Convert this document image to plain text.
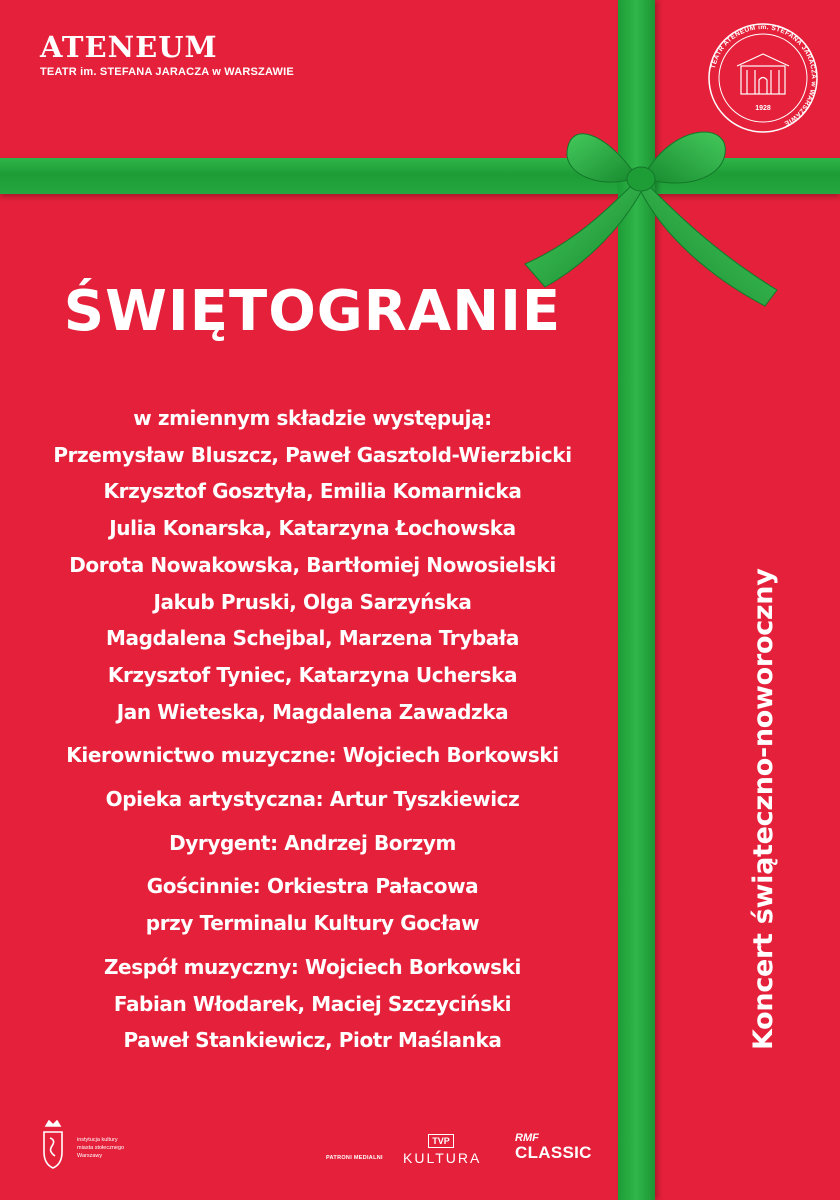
ATENEUM
TEATR im. STEFANA JARACZA w WARSZAWIE	TEATR ATENEUM im. STEFANA JARACZA w WARSZAWIE
1928
ŚWIĘTOGRANIE
w zmiennym składzie występują:
Przemysław Bluszcz, Paweł Gasztold-Wierzbicki
Krzysztof Gosztyła, Emilia Komarnicka
Julia Konarska, Katarzyna Łochowska
Dorota Nowakowska, Bartłomiej Nowosielski
Jakub Pruski, Olga Sarzyńska
Magdalena Schejbal, Marzena Trybała
Krzysztof Tyniec, Katarzyna Ucherska
Jan Wieteska, Magdalena Zawadzka
Kierownictwo muzyczne: Wojciech Borkowski
Opieka artystyczna: Artur Tyszkiewicz
Dyrygent: Andrzej Borzym
Gościnnie: Orkiestra Pałacowa
przy Terminalu Kultury Gocław
Zespół muzyczny: Wojciech Borkowski
Fabian Włodarek, Maciej Szczyciński
Paweł Stankiewicz, Piotr Maślanka	Koncert świąteczno-noworoczny
instytucja kultury
miasta stołecznego
Warszawy	PATRONI MEDIALNI
TVP
KULTURA
RMF
CLASSIC
